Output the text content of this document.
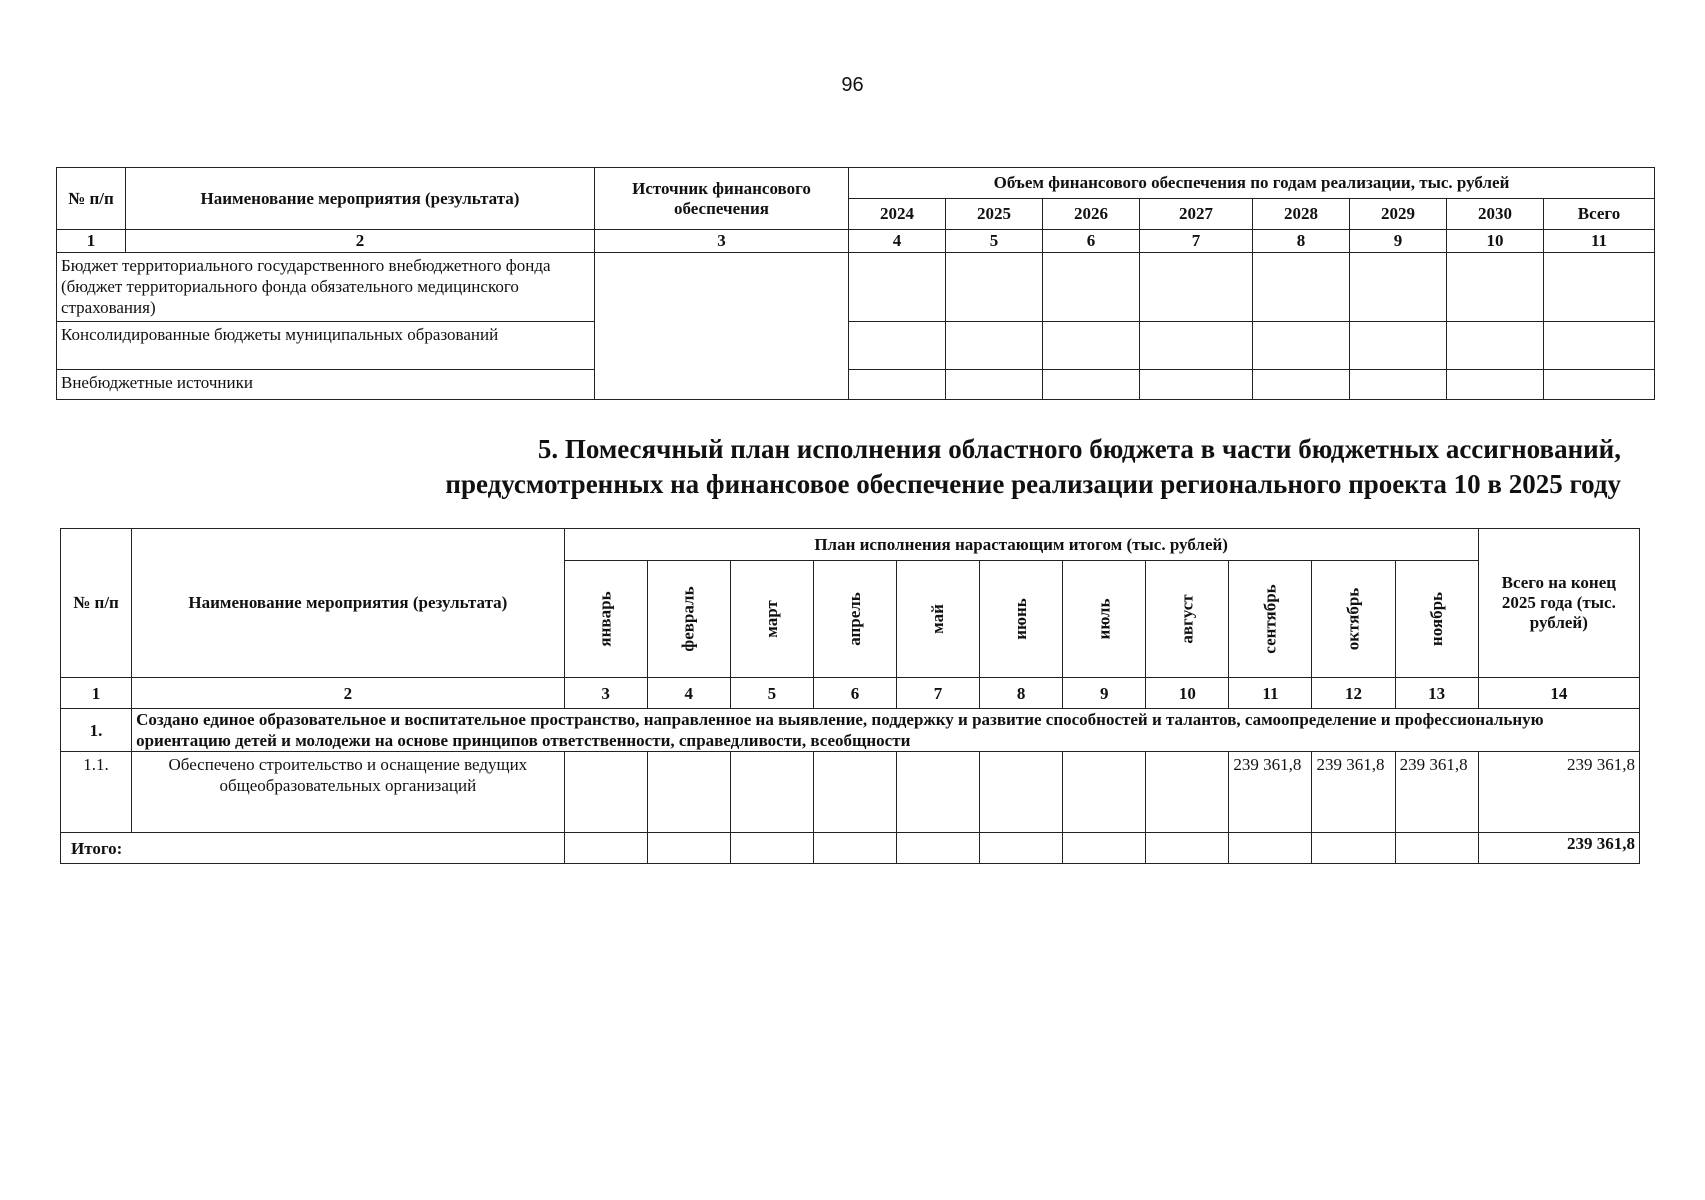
96
№ п/п	Наименование мероприятия (результата)	Источник финансового обеспечения	Объем финансового обеспечения по годам реализации, тыс. рублей							
			2024	2025	2026	2027	2028	2029	2030	Всего
1	2	3	4	5	6	7	8	9	10	11
Бюджет территориального государственного внебюджетного фонда (бюджет территориального фонда обязательного медицинского страхования)										
Консолидированные бюджеты муниципальных образований										
Внебюджетные источники										
5. Помесячный план исполнения областного бюджета в части бюджетных ассигнований,
предусмотренных на финансовое обеспечение реализации регионального проекта 10 в 2025 году
№ п/п	Наименование мероприятия (результата)	План исполнения нарастающим итогом (тыс. рублей)											Всего на конец 2025 года (тыс. рублей)
		январь	февраль	март	апрель	май	июнь	июль	август	сентябрь	октябрь	ноябрь	
1	2	3	4	5	6	7	8	9	10	11	12	13	14
1.	Создано единое образовательное и воспитательное пространство, направленное на выявление, поддержку и развитие способностей и талантов, самоопределение и профессиональную ориентацию детей и молодежи на основе принципов ответственности, справедливости, всеобщности												
1.1.	Обеспечено строительство и оснащение ведущих общеобразовательных организаций									239 361,8	239 361,8	239 361,8	239 361,8
Итого:													239 361,8
